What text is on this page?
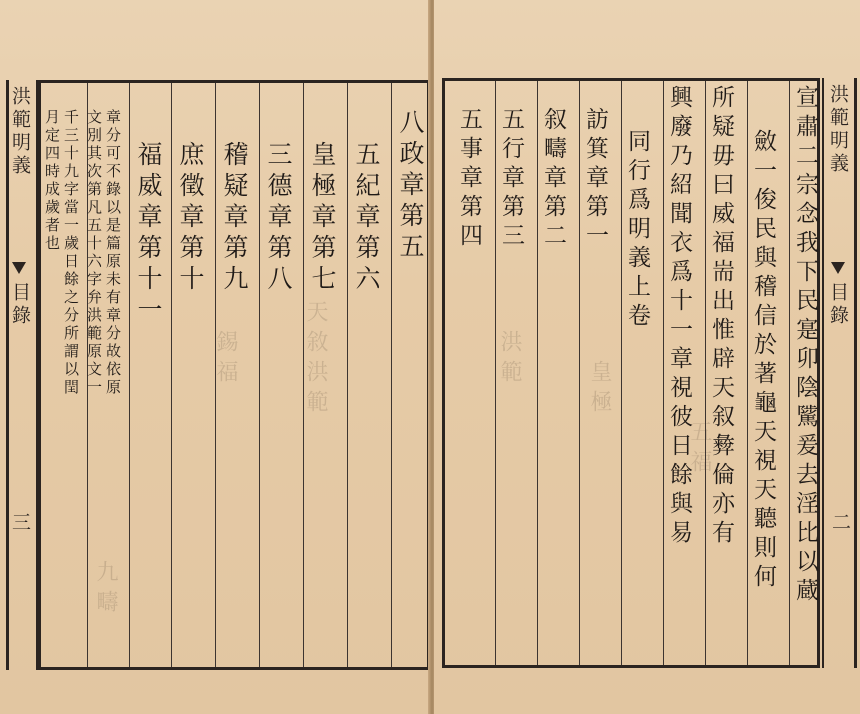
天敘洪範
錫福
九疇
洪範明義
目錄
三
八政章第五
五紀章第六
皇極章第七
三德章第八
稽疑章第九
庶徵章第十
福威章第十一
章分可不錄以是篇原未有章分故依原
文別其次第凡五十六字弁洪範原文一
千三十九字當一歲日餘之分所謂以閏
月定四時成歲者也
洪範	皇極
五福	宣肅二宗念我下民寔卯陰騭爰去淫比以蔵
斂一俊民與稽信於著龜天視天聽則何
所疑毋曰威福耑出惟辟天叙彜倫亦有
興廢乃紹聞衣爲十一章視彼日餘與易
同行爲明義上卷
訪箕章第一
叙疇章第二
五行章第三
五事章第四	洪範明義
目錄
二
